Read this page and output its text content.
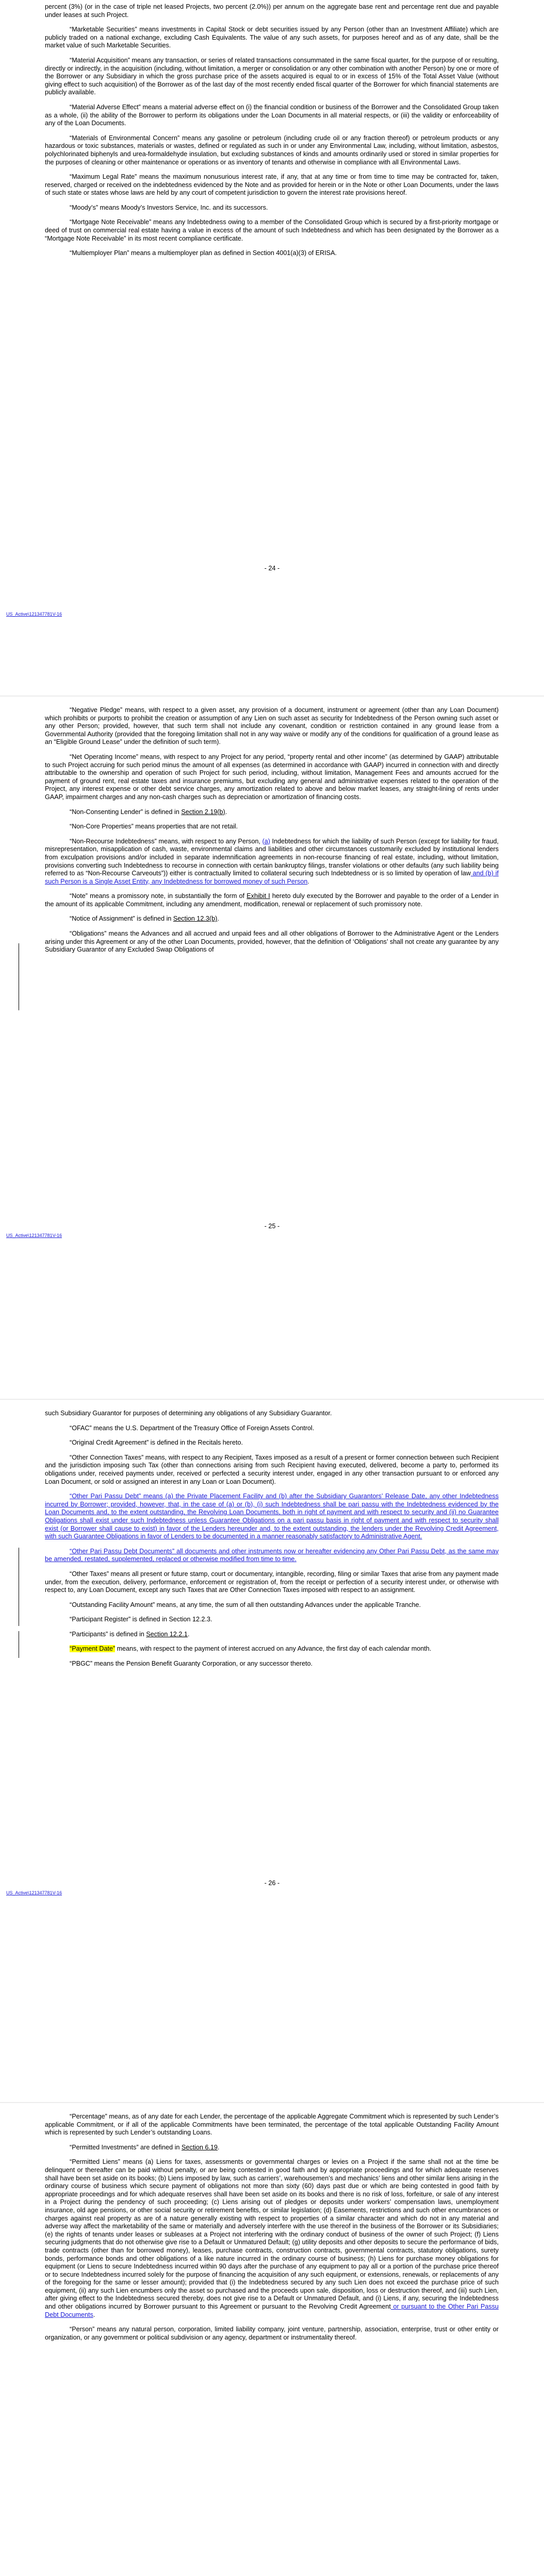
percent (3%) (or in the case of triple net leased Projects, two percent (2.0%)) per annum on the aggregate base rent and percentage rent due and payable under leases at such Project.

“Marketable Securities” means investments in Capital Stock or debt securities issued by any Person (other than an Investment Affiliate) which are publicly traded on a national exchange, excluding Cash Equivalents. The value of any such assets, for purposes hereof and as of any date, shall be the market value of such Marketable Securities.

“Material Acquisition” means any transaction, or series of related transactions consummated in the same fiscal quarter, for the purpose of or resulting, directly or indirectly, in the acquisition (including, without limitation, a merger or consolidation or any other combination with another Person) by one or more of the Borrower or any Subsidiary in which the gross purchase price of the assets acquired is equal to or in excess of 15% of the Total Asset Value (without giving effect to such acquisition) of the Borrower as of the last day of the most recently ended fiscal quarter of the Borrower for which financial statements are publicly available.

“Material Adverse Effect” means a material adverse effect on (i) the financial condition or business of the Borrower and the Consolidated Group taken as a whole, (ii) the ability of the Borrower to perform its obligations under the Loan Documents in all material respects, or (iii) the validity or enforceability of any of the Loan Documents.

“Materials of Environmental Concern” means any gasoline or petroleum (including crude oil or any fraction thereof) or petroleum products or any hazardous or toxic substances, materials or wastes, defined or regulated as such in or under any Environmental Law, including, without limitation, asbestos, polychlorinated biphenyls and urea-formaldehyde insulation, but excluding substances of kinds and amounts ordinarily used or stored in similar properties for the purposes of cleaning or other maintenance or operations or as inventory of tenants and otherwise in compliance with all Environmental Laws.

“Maximum Legal Rate” means the maximum nonusurious interest rate, if any, that at any time or from time to time may be contracted for, taken, reserved, charged or received on the indebtedness evidenced by the Note and as provided for herein or in the Note or other Loan Documents, under the laws of such state or states whose laws are held by any court of competent jurisdiction to govern the interest rate provisions hereof.

“Moody’s” means Moody’s Investors Service, Inc. and its successors.

“Mortgage Note Receivable” means any Indebtedness owing to a member of the Consolidated Group which is secured by a first-priority mortgage or deed of trust on commercial real estate having a value in excess of the amount of such Indebtedness and which has been designated by the Borrower as a “Mortgage Note Receivable” in its most recent compliance certificate.

“Multiemployer Plan” means a multiemployer plan as defined in Section 4001(a)(3) of ERISA.

- 24 -
US_Active\121347781V-16

“Negative Pledge” means, with respect to a given asset, any provision of a document, instrument or agreement (other than any Loan Document) which prohibits or purports to prohibit the creation or assumption of any Lien on such asset as security for Indebtedness of the Person owning such asset or any other Person; provided, however, that such term shall not include any covenant, condition or restriction contained in any ground lease from a Governmental Authority (provided that the foregoing limitation shall not in any way waive or modify any of the conditions for qualification of a ground lease as an “Eligible Ground Lease” under the definition of such term).

“Net Operating Income” means, with respect to any Project for any period, “property rental and other income” (as determined by GAAP) attributable to such Project accruing for such period minus the amount of all expenses (as determined in accordance with GAAP) incurred in connection with and directly attributable to the ownership and operation of such Project for such period, including, without limitation, Management Fees and amounts accrued for the payment of ground rent, real estate taxes and insurance premiums, but excluding any general and administrative expenses related to the operation of the Project, any interest expense or other debt service charges, any amortization related to above and below market leases, any straight-lining of rents under GAAP, impairment charges and any non-cash charges such as depreciation or amortization of financing costs.

“Non-Consenting Lender” is defined in Section 2.19(b).

“Non-Core Properties” means properties that are not retail.

“Non-Recourse Indebtedness” means, with respect to any Person, (a) Indebtedness for which the liability of such Person (except for liability for fraud, misrepresentation, misapplication of cash, waste, environmental claims and liabilities and other circumstances customarily excluded by institutional lenders from exculpation provisions and/or included in separate indemnification agreements in non-recourse financing of real estate, including, without limitation, provisions converting such Indebtedness to recourse in connection with certain bankruptcy filings, transfer violations or other defaults (any such liability being referred to as “Non-Recourse Carveouts”)) either is contractually limited to collateral securing such Indebtedness or is so limited by operation of law and (b) if such Person is a Single Asset Entity, any Indebtedness for borrowed money of such Person.

“Note” means a promissory note, in substantially the form of Exhibit I hereto duly executed by the Borrower and payable to the order of a Lender in the amount of its applicable Commitment, including any amendment, modification, renewal or replacement of such promissory note.

“Notice of Assignment” is defined in Section 12.3(b).

“Obligations” means the Advances and all accrued and unpaid fees and all other obligations of Borrower to the Administrative Agent or the Lenders arising under this Agreement or any of the other Loan Documents, provided, however, that the definition of ‘Obligations’ shall not create any guarantee by any Subsidiary Guarantor of any Excluded Swap Obligations of

- 25 -
US_Active\121347781V-16

such Subsidiary Guarantor for purposes of determining any obligations of any Subsidiary Guarantor.

“OFAC” means the U.S. Department of the Treasury Office of Foreign Assets Control.

“Original Credit Agreement” is defined in the Recitals hereto.

“Other Connection Taxes” means, with respect to any Recipient, Taxes imposed as a result of a present or former connection between such Recipient and the jurisdiction imposing such Tax (other than connections arising from such Recipient having executed, delivered, become a party to, performed its obligations under, received payments under, received or perfected a security interest under, engaged in any other transaction pursuant to or enforced any Loan Document, or sold or assigned an interest in any Loan or Loan Document).

“Other Pari Passu Debt” means (a) the Private Placement Facility and (b) after the Subsidiary Guarantors’ Release Date, any other Indebtedness incurred by Borrower; provided, however, that, in the case of (a) or (b), (i) such Indebtedness shall be pari passu with the Indebtedness evidenced by the Loan Documents and, to the extent outstanding, the Revolving Loan Documents, both in right of payment and with respect to security and (ii) no Guarantee Obligations shall exist under such Indebtedness unless Guarantee Obligations on a pari passu basis in right of payment and with respect to security shall exist (or Borrower shall cause to exist) in favor of the Lenders hereunder and, to the extent outstanding, the lenders under the Revolving Credit Agreement, with such Guarantee Obligations in favor of Lenders to be documented in a manner reasonably satisfactory to Administrative Agent.

“Other Pari Passu Debt Documents” all documents and other instruments now or hereafter evidencing any Other Pari Passu Debt, as the same may be amended, restated, supplemented, replaced or otherwise modified from time to time.

“Other Taxes” means all present or future stamp, court or documentary, intangible, recording, filing or similar Taxes that arise from any payment made under, from the execution, delivery, performance, enforcement or registration of, from the receipt or perfection of a security interest under, or otherwise with respect to, any Loan Document, except any such Taxes that are Other Connection Taxes imposed with respect to an assignment.

“Outstanding Facility Amount” means, at any time, the sum of all then outstanding Advances under the applicable Tranche.

“Participant Register” is defined in Section 12.2.3.

“Participants” is defined in Section 12.2.1.

“Payment Date” means, with respect to the payment of interest accrued on any Advance, the first day of each calendar month.

“PBGC” means the Pension Benefit Guaranty Corporation, or any successor thereto.

- 26 -
US_Active\121347781V-16

“Percentage” means, as of any date for each Lender, the percentage of the applicable Aggregate Commitment which is represented by such Lender’s applicable Commitment, or if all of the applicable Commitments have been terminated, the percentage of the total applicable Outstanding Facility Amount which is represented by such Lender’s outstanding Loans.

“Permitted Investments” are defined in Section 6.19.

“Permitted Liens” means (a) Liens for taxes, assessments or governmental charges or levies on a Project if the same shall not at the time be delinquent or thereafter can be paid without penalty, or are being contested in good faith and by appropriate proceedings and for which adequate reserves shall have been set aside on its books; (b) Liens imposed by law, such as carriers’, warehousemen’s and mechanics’ liens and other similar liens arising in the ordinary course of business which secure payment of obligations not more than sixty (60) days past due or which are being contested in good faith by appropriate proceedings and for which adequate reserves shall have been set aside on its books and there is no risk of loss, forfeiture, or sale of any interest in a Project during the pendency of such proceeding; (c) Liens arising out of pledges or deposits under workers’ compensation laws, unemployment insurance, old age pensions, or other social security or retirement benefits, or similar legislation; (d) Easements, restrictions and such other encumbrances or charges against real property as are of a nature generally existing with respect to properties of a similar character and which do not in any material and adverse way affect the marketability of the same or materially and adversely interfere with the use thereof in the business of the Borrower or its Subsidiaries; (e) the rights of tenants under leases or subleases at a Project not interfering with the ordinary conduct of business of the owner of such Project; (f) Liens securing judgments that do not otherwise give rise to a Default or Unmatured Default; (g) utility deposits and other deposits to secure the performance of bids, trade contracts (other than for borrowed money), leases, purchase contracts, construction contracts, governmental contracts, statutory obligations, surety bonds, performance bonds and other obligations of a like nature incurred in the ordinary course of business; (h) Liens for purchase money obligations for equipment (or Liens to secure Indebtedness incurred within 90 days after the purchase of any equipment to pay all or a portion of the purchase price thereof or to secure Indebtedness incurred solely for the purpose of financing the acquisition of any such equipment, or extensions, renewals, or replacements of any of the foregoing for the same or lesser amount); provided that (i) the Indebtedness secured by any such Lien does not exceed the purchase price of such equipment, (ii) any such Lien encumbers only the asset so purchased and the proceeds upon sale, disposition, loss or destruction thereof, and (iii) such Lien, after giving effect to the Indebtedness secured thereby, does not give rise to a Default or Unmatured Default, and (i) Liens, if any, securing the Indebtedness and other obligations incurred by Borrower pursuant to this Agreement or pursuant to the Revolving Credit Agreement or pursuant to the Other Pari Passu Debt Documents.

“Person” means any natural person, corporation, limited liability company, joint venture, partnership, association, enterprise, trust or other entity or organization, or any government or political subdivision or any agency, department or instrumentality thereof.
